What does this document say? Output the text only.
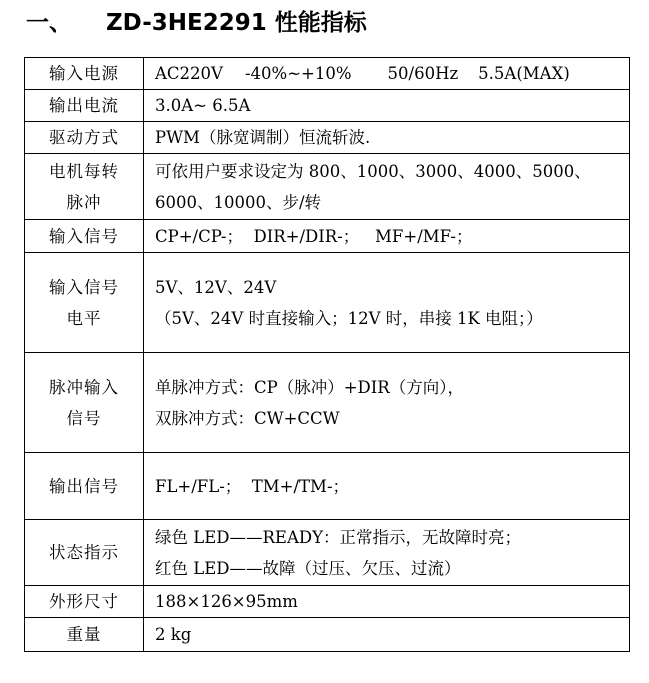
一、 ZD-3HE2291 性能指标
输入电源	AC220V -40%~+10% 50/60Hz 5.5A(MAX)

输出电流	3.0A~ 6.5A

驱动方式	PWM（脉宽调制）恒流斩波.

电机每转
脉冲	可依用户要求设定为 800、1000、3000、4000、5000、
6000、10000、步/转

输入信号	CP+/CP-；  DIR+/DIR-；   MF+/MF-；

输入信号
电平	5V、12V、24V
（5V、24V 时直接输入；12V 时，串接 1K 电阻；）

脉冲输入
信号	单脉冲方式：CP（脉冲）+DIR（方向），
双脉冲方式：CW+CCW

输出信号	FL+/FL-；  TM+/TM-；

状态指示	绿色 LED——READY：正常指示，无故障时亮；
红色 LED——故障（过压、欠压、过流）

外形尺寸	188×126×95mm

重量	2 kg
